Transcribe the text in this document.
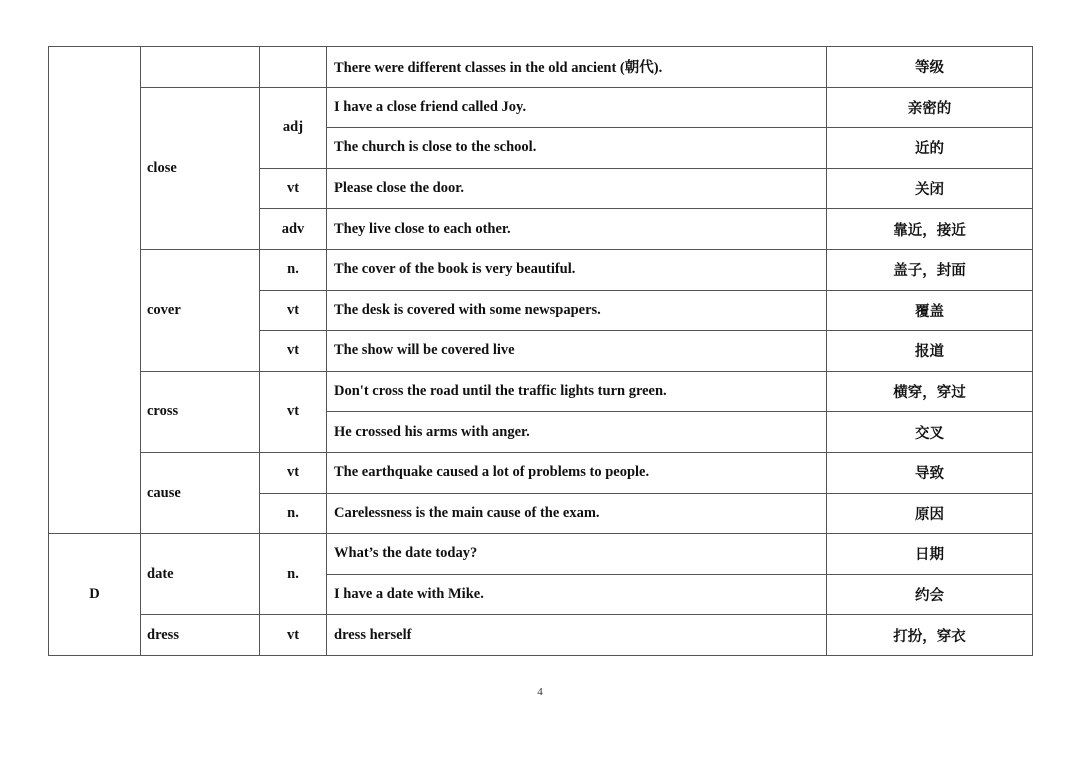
			There were different classes in the old ancient (朝代).	等级
	close	adj	I have a close friend called Joy.	亲密的
			The church is close to the school.	近的
		vt	Please close the door.	关闭
		adv	They live close to each other.	靠近，接近
	cover	n.	The cover of the book is very beautiful.	盖子，封面
		vt	The desk is covered with some newspapers.	覆盖
		vt	The show will be covered live	报道
	cross	vt	Don't cross the road until the traffic lights turn green.	横穿，穿过
			He crossed his arms with anger.	交叉
	cause	vt	The earthquake caused a lot of problems to people.	导致
		n.	Carelessness is the main cause of the exam.	原因
D	date	n.	What’s the date today?	日期
			I have a date with Mike.	约会
	dress	vt	dress herself	打扮，穿衣
4
